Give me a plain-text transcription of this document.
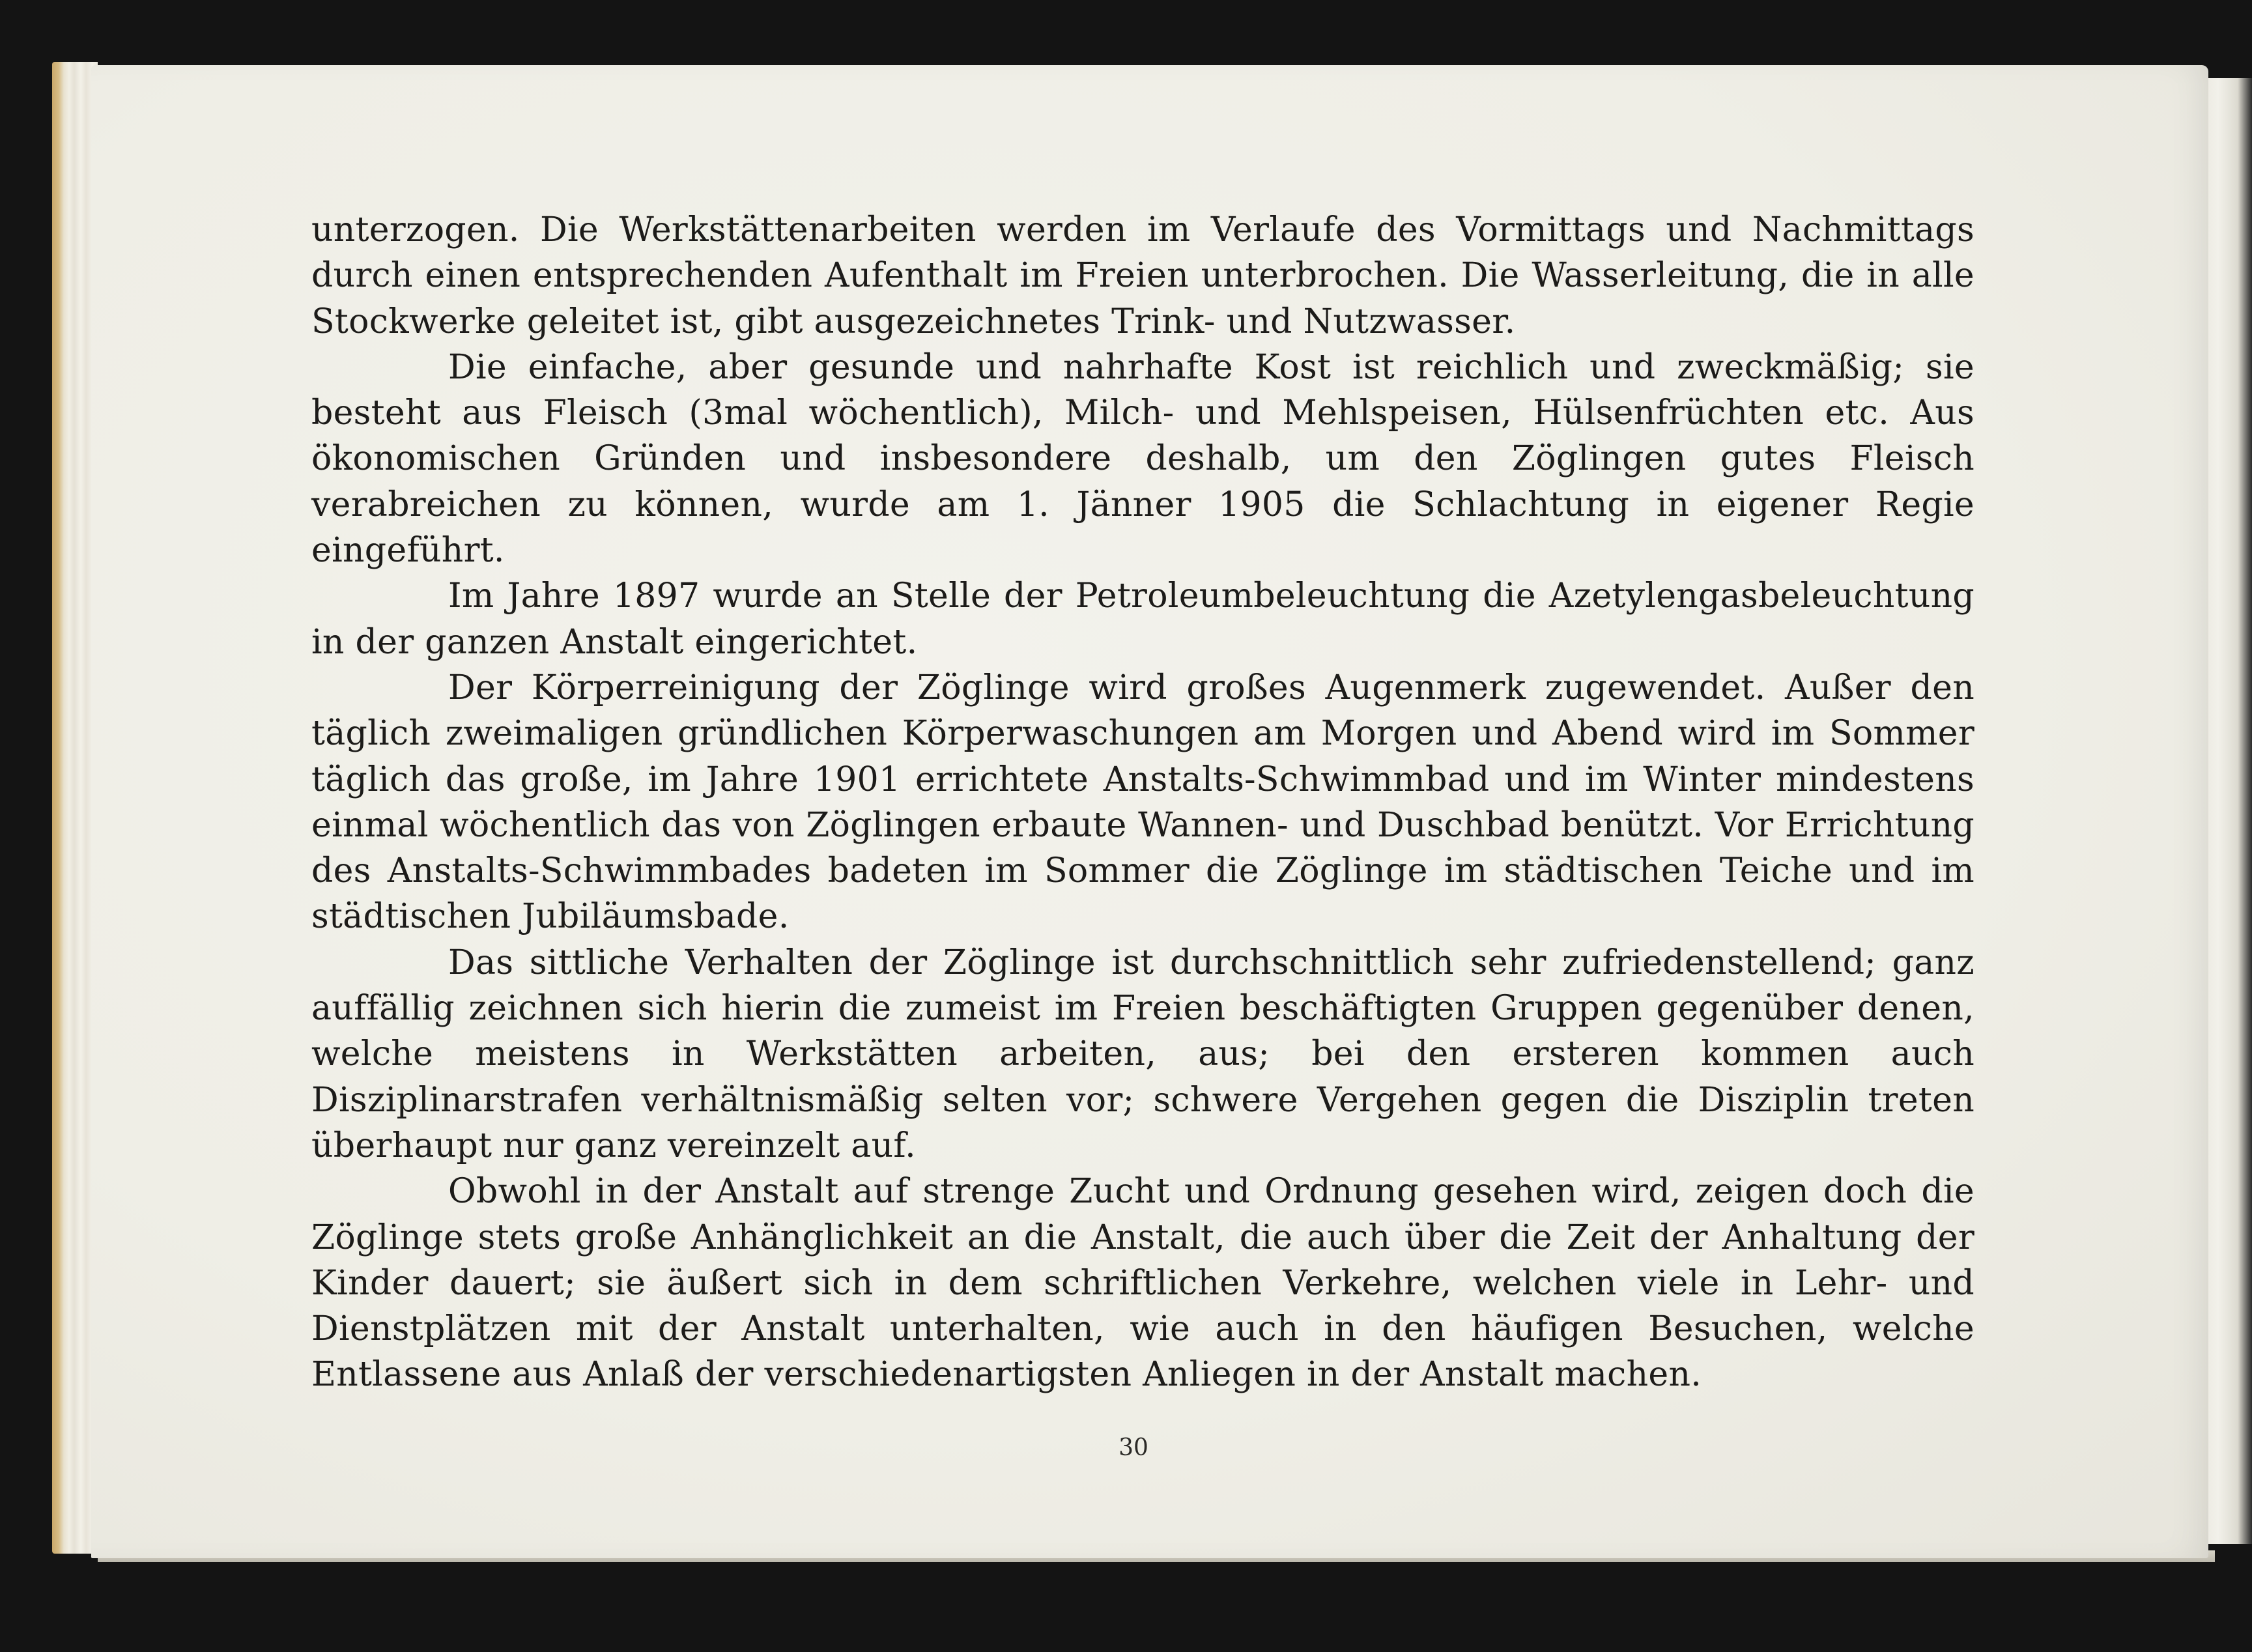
unterzogen. Die Werkstättenarbeiten werden im Verlaufe des Vormittags und Nachmittags durch einen entsprechenden Aufenthalt im Freien unterbrochen. Die Wasserleitung, die in alle Stockwerke geleitet ist, gibt ausgezeichnetes Trink- und Nutzwasser.

Die einfache, aber gesunde und nahrhafte Kost ist reichlich und zweckmäßig; sie besteht aus Fleisch (3mal wöchentlich), Milch- und Mehlspeisen, Hülsenfrüchten etc. Aus ökonomischen Gründen und insbesondere deshalb, um den Zöglingen gutes Fleisch verabreichen zu können, wurde am 1. Jänner 1905 die Schlachtung in eigener Regie eingeführt.

Im Jahre 1897 wurde an Stelle der Petroleumbeleuchtung die Azetylengasbeleuchtung in der ganzen Anstalt eingerichtet.

Der Körperreinigung der Zöglinge wird großes Augenmerk zugewendet. Außer den täglich zweimaligen gründlichen Körperwaschungen am Morgen und Abend wird im Sommer täglich das große, im Jahre 1901 errichtete Anstalts-Schwimmbad und im Winter mindestens einmal wöchentlich das von Zöglingen erbaute Wannen- und Duschbad benützt. Vor Errichtung des Anstalts-Schwimmbades badeten im Sommer die Zöglinge im städtischen Teiche und im städtischen Jubiläumsbade.

Das sittliche Verhalten der Zöglinge ist durchschnittlich sehr zufriedenstellend; ganz auffällig zeichnen sich hierin die zumeist im Freien beschäftigten Gruppen gegenüber denen, welche meistens in Werkstätten arbeiten, aus; bei den ersteren kommen auch Disziplinarstrafen verhältnismäßig selten vor; schwere Vergehen gegen die Disziplin treten überhaupt nur ganz vereinzelt auf.

Obwohl in der Anstalt auf strenge Zucht und Ordnung gesehen wird, zeigen doch die Zöglinge stets große Anhänglichkeit an die Anstalt, die auch über die Zeit der Anhaltung der Kinder dauert; sie äußert sich in dem schriftlichen Verkehre, welchen viele in Lehr- und Dienstplätzen mit der Anstalt unterhalten, wie auch in den häufigen Besuchen, welche Entlassene aus Anlaß der verschiedenartigsten Anliegen in der Anstalt machen.

30
